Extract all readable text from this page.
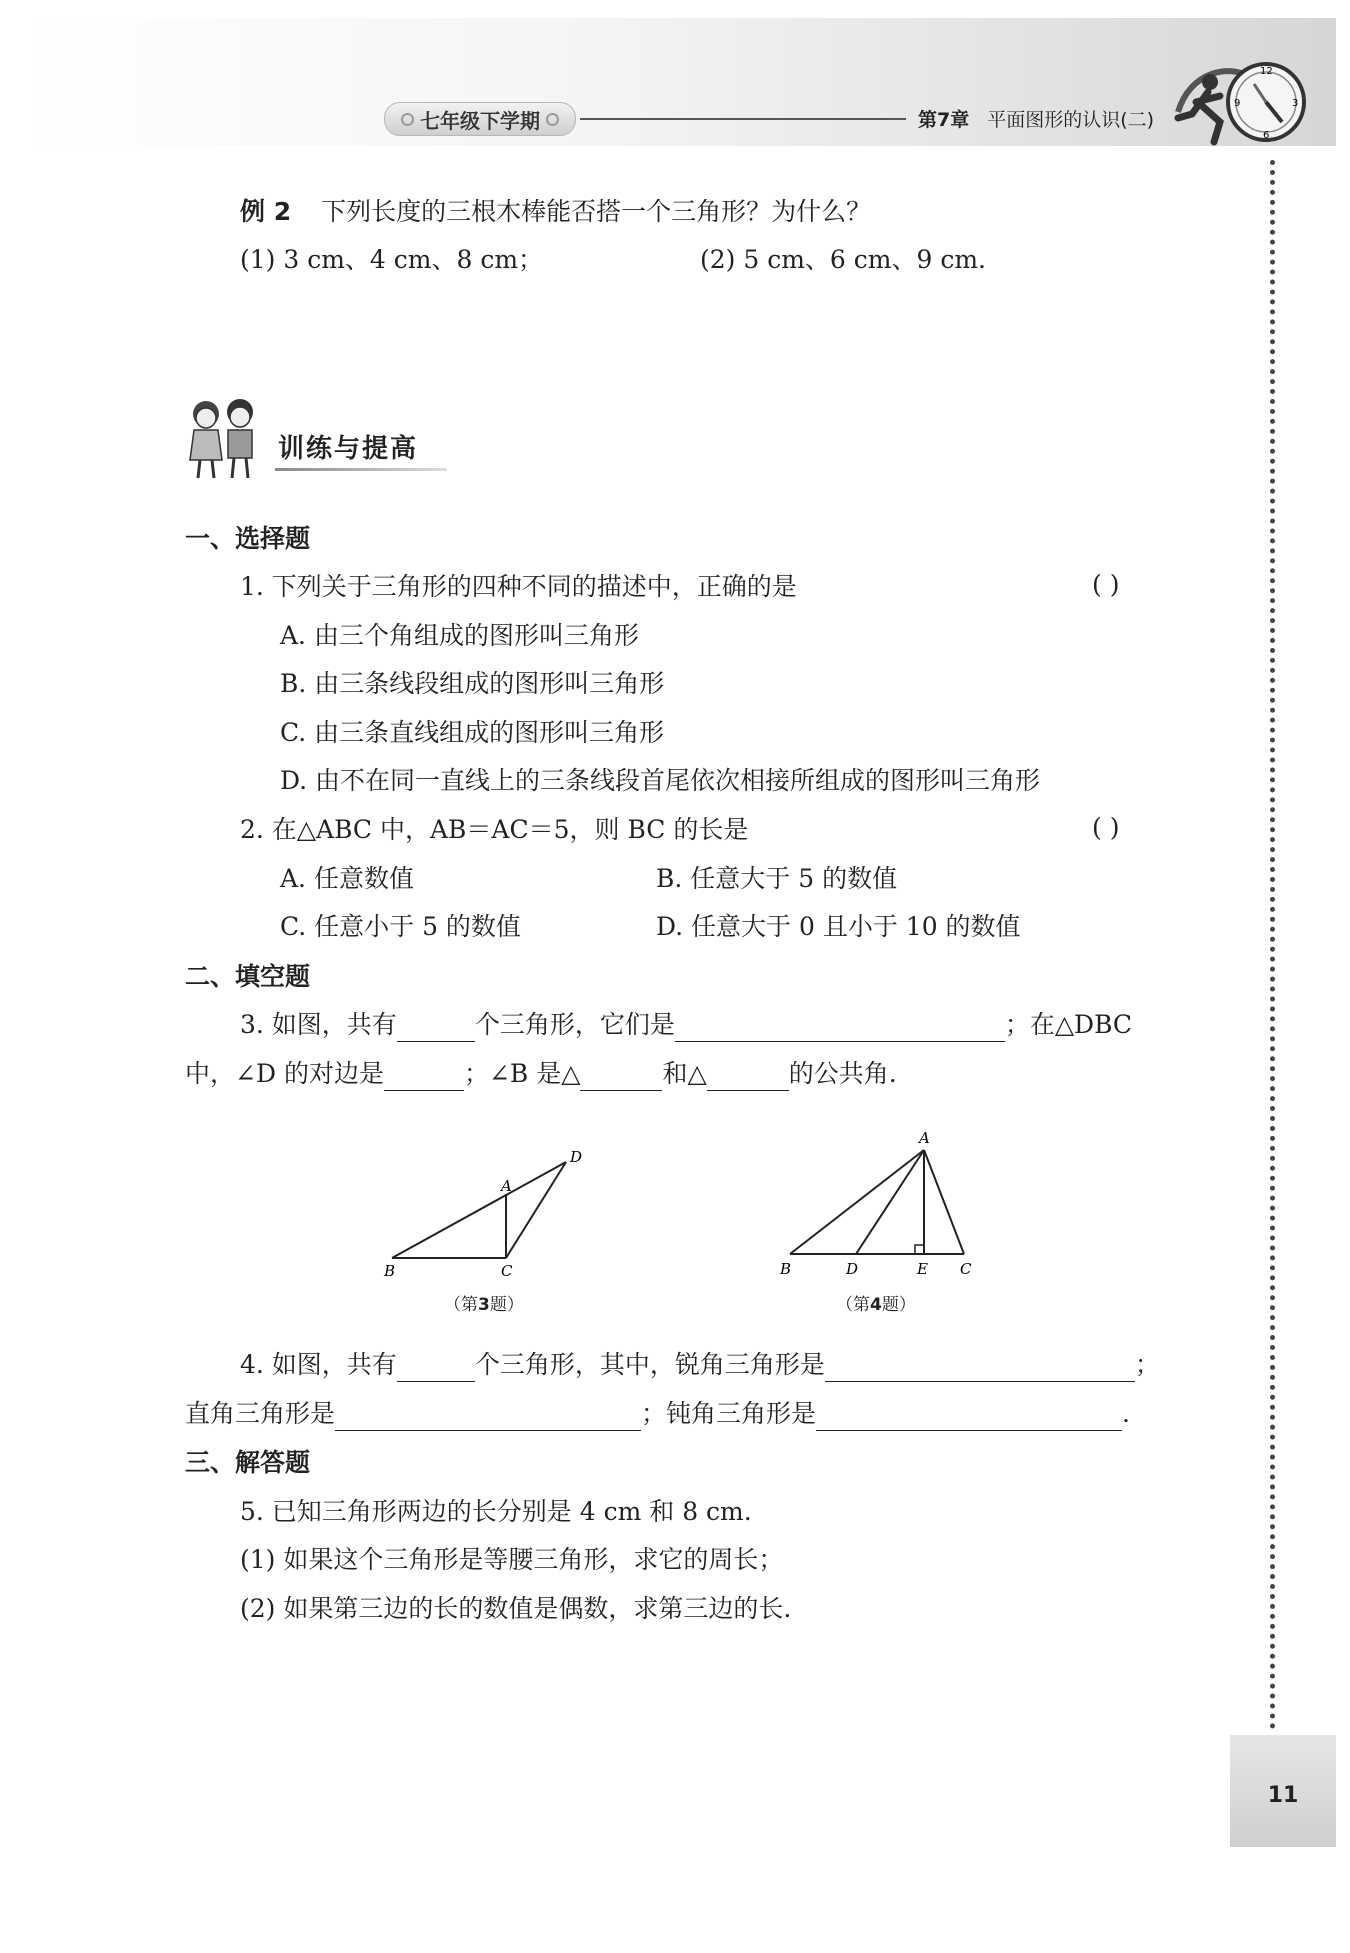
七年级下学期	第7章 平面图形的认识(二)
12
3
6
9
例 2 下列长度的三根木棒能否搭一个三角形？为什么？
(1) 3 cm、4 cm、8 cm；	(2) 5 cm、6 cm、9 cm.
训练与提高
一、选择题
1. 下列关于三角形的四种不同的描述中，正确的是	( )
A. 由三个角组成的图形叫三角形
B. 由三条线段组成的图形叫三角形
C. 由三条直线组成的图形叫三角形
D. 由不在同一直线上的三条线段首尾依次相接所组成的图形叫三角形
2. 在△ABC 中，AB＝AC＝5，则 BC 的长是	( )
A. 任意数值	B. 任意大于 5 的数值
C. 任意小于 5 的数值	D. 任意大于 0 且小于 10 的数值
二、填空题
3. 如图，共有	个三角形，它们是	；在△DBC
中，∠D 的对边是	；∠B 是△	和△	的公共角.
A
B	C
D
（第3题）
A
B	D	E C
（第4题）
4. 如图，共有	个三角形，其中，锐角三角形是	；
直角三角形是	；钝角三角形是	.
三、解答题
5. 已知三角形两边的长分别是 4 cm 和 8 cm.
(1) 如果这个三角形是等腰三角形，求它的周长；
(2) 如果第三边的长的数值是偶数，求第三边的长.
11
